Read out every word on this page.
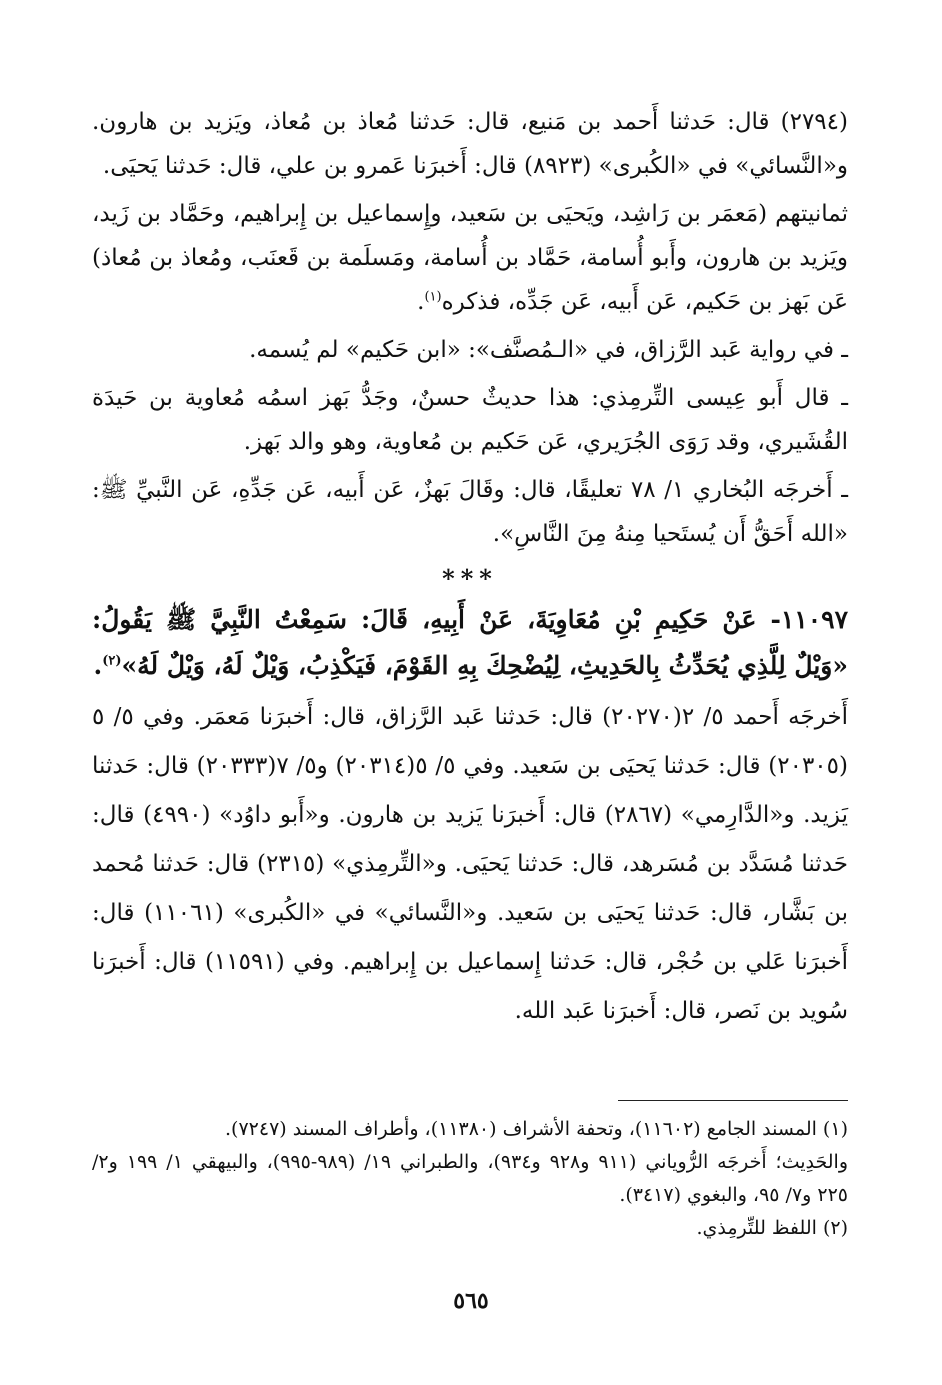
(٢٧٩٤) قال: حَدثنا أَحمد بن مَنيع، قال: حَدثنا مُعاذ بن مُعاذ، ويَزيد بن هارون. و«النَّسائي» في «الكُبرى» (٨٩٢٣) قال: أَخبرَنا عَمرو بن علي، قال: حَدثنا يَحيَى.

ثمانيتهم (مَعمَر بن رَاشِد، ويَحيَى بن سَعيد، وإِسماعيل بن إِبراهيم، وحَمَّاد بن زَيد، ويَزيد بن هارون، وأَبو أُسامة، حَمَّاد بن أُسامة، ومَسلَمة بن قَعنَب، ومُعاذ بن مُعاذ) عَن بَهز بن حَكيم، عَن أَبيه، عَن جَدِّه، فذكره$^{(١)}$.

ـ في رواية عَبد الرَّزاق، في «الـمُصنَّف»: «ابن حَكيم» لم يُسمه.

ـ قال أَبو عِيسى التِّرمِذي: هذا حديثٌ حسنٌ، وجَدُّ بَهز اسمُه مُعاوية بن حَيدَة القُشَيري، وقد رَوَى الجُرَيري، عَن حَكيم بن مُعاوية، وهو والد بَهز.

ـ أَخرجَه البُخاري ١/ ٧٨ تعليقًا، قال: وقَالَ بَهزٌ، عَن أَبيه، عَن جَدِّهِ، عَن النَّبيِّ ﷺ: «الله أَحَقُّ أَن يُستَحيا مِنهُ مِنَ النَّاسِ».

***

١١٠٩٧- عَنْ حَكِيمِ بْنِ مُعَاوِيَةَ، عَنْ أَبِيهِ، قَالَ: سَمِعْتُ النَّبِيَّ ﷺ يَقُولُ: «وَيْلٌ لِلَّذِي يُحَدِّثُ بِالحَدِيثِ، لِيُضْحِكَ بِهِ القَوْمَ، فَيَكْذِبُ، وَيْلٌ لَهُ، وَيْلٌ لَهُ»$^{(٢)}$.

أَخرجَه أَحمد ٥/ ٢(٢٠٢٧٠) قال: حَدثنا عَبد الرَّزاق، قال: أَخبرَنا مَعمَر. وفي ٥/ ٥ (٢٠٣٠٥) قال: حَدثنا يَحيَى بن سَعيد. وفي ٥/ ٥(٢٠٣١٤) و٥/ ٧(٢٠٣٣٣) قال: حَدثنا يَزيد. و«الدَّارِمي» (٢٨٦٧) قال: أَخبرَنا يَزيد بن هارون. و«أَبو داوُد» (٤٩٩٠) قال: حَدثنا مُسَدَّد بن مُسَرهد، قال: حَدثنا يَحيَى. و«التِّرمِذي» (٢٣١٥) قال: حَدثنا مُحمد بن بَشَّار، قال: حَدثنا يَحيَى بن سَعيد. و«النَّسائي» في «الكُبرى» (١١٠٦١) قال: أَخبرَنا عَلي بن حُجْر، قال: حَدثنا إِسماعيل بن إِبراهيم. وفي (١١٥٩١) قال: أَخبرَنا سُويد بن نَصر، قال: أَخبرَنا عَبد الله.

(١) المسند الجامع (١١٦٠٢)، وتحفة الأشراف (١١٣٨٠)، وأطراف المسند (٧٢٤٧).

والحَدِيث؛ أَخرجَه الرُّوياني (٩١١ و٩٢٨ و٩٣٤)، والطبراني ١٩/ (٩٨٩-٩٩٥)، والبيهقي ١/ ١٩٩ و٢/ ٢٢٥ و٧/ ٩٥، والبغوي (٣٤١٧).

(٢) اللفظ للتِّرمِذي.

٥٦٥
